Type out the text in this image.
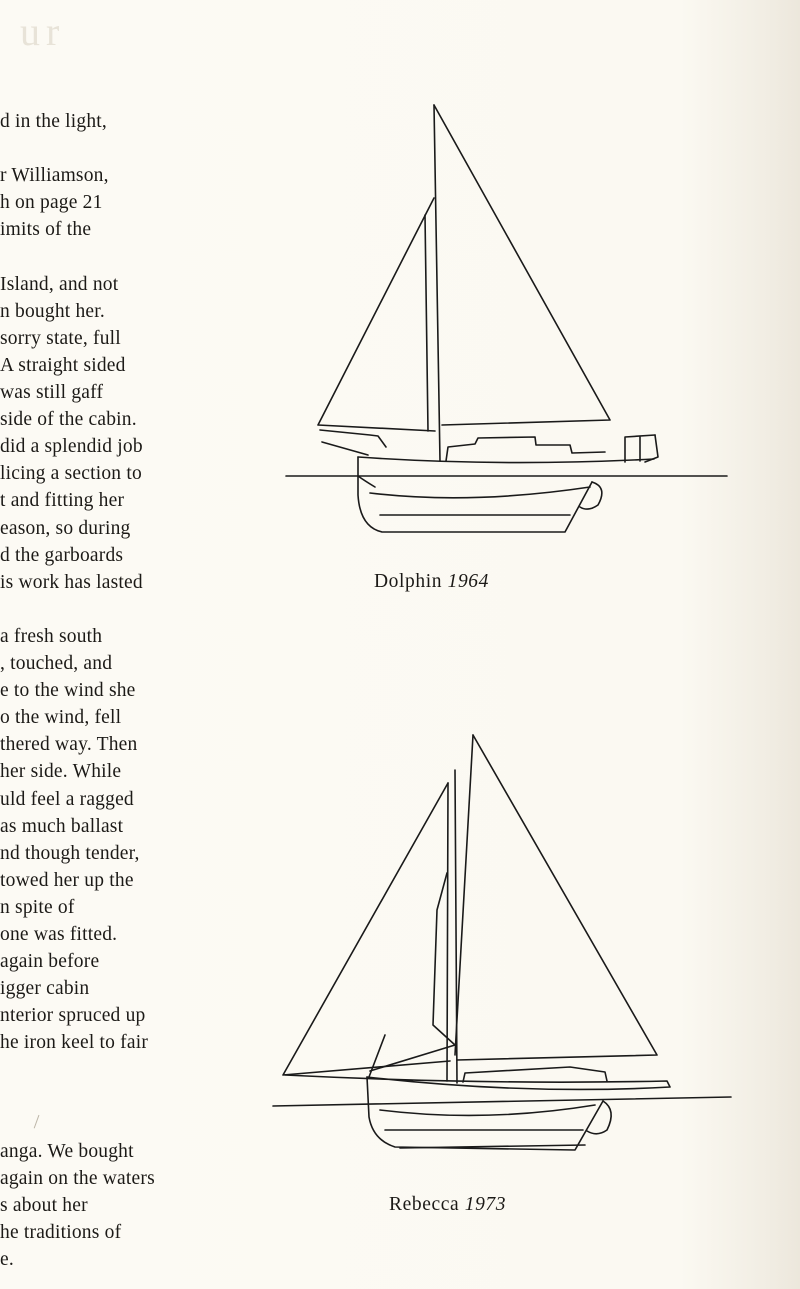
ur
d in the light,
r Williamson,
h on page 21
imits of the
Island, and not
n bought her.
sorry state, full
A straight sided
was still gaff
side of the cabin.
did a splendid job
licing a section to
t and fitting her
eason, so during
d the garboards
is work has lasted
a fresh south
, touched, and
e to the wind she
o the wind, fell
thered way. Then
her side. While
uld feel a ragged
as much ballast
nd though tender,
towed her up the
n spite of
one was fitted.
again before
igger cabin
nterior spruced up
he iron keel to fair
anga. We bought
again on the waters
s about her
he traditions of
e.
Dolphin 1964
Rebecca 1973
